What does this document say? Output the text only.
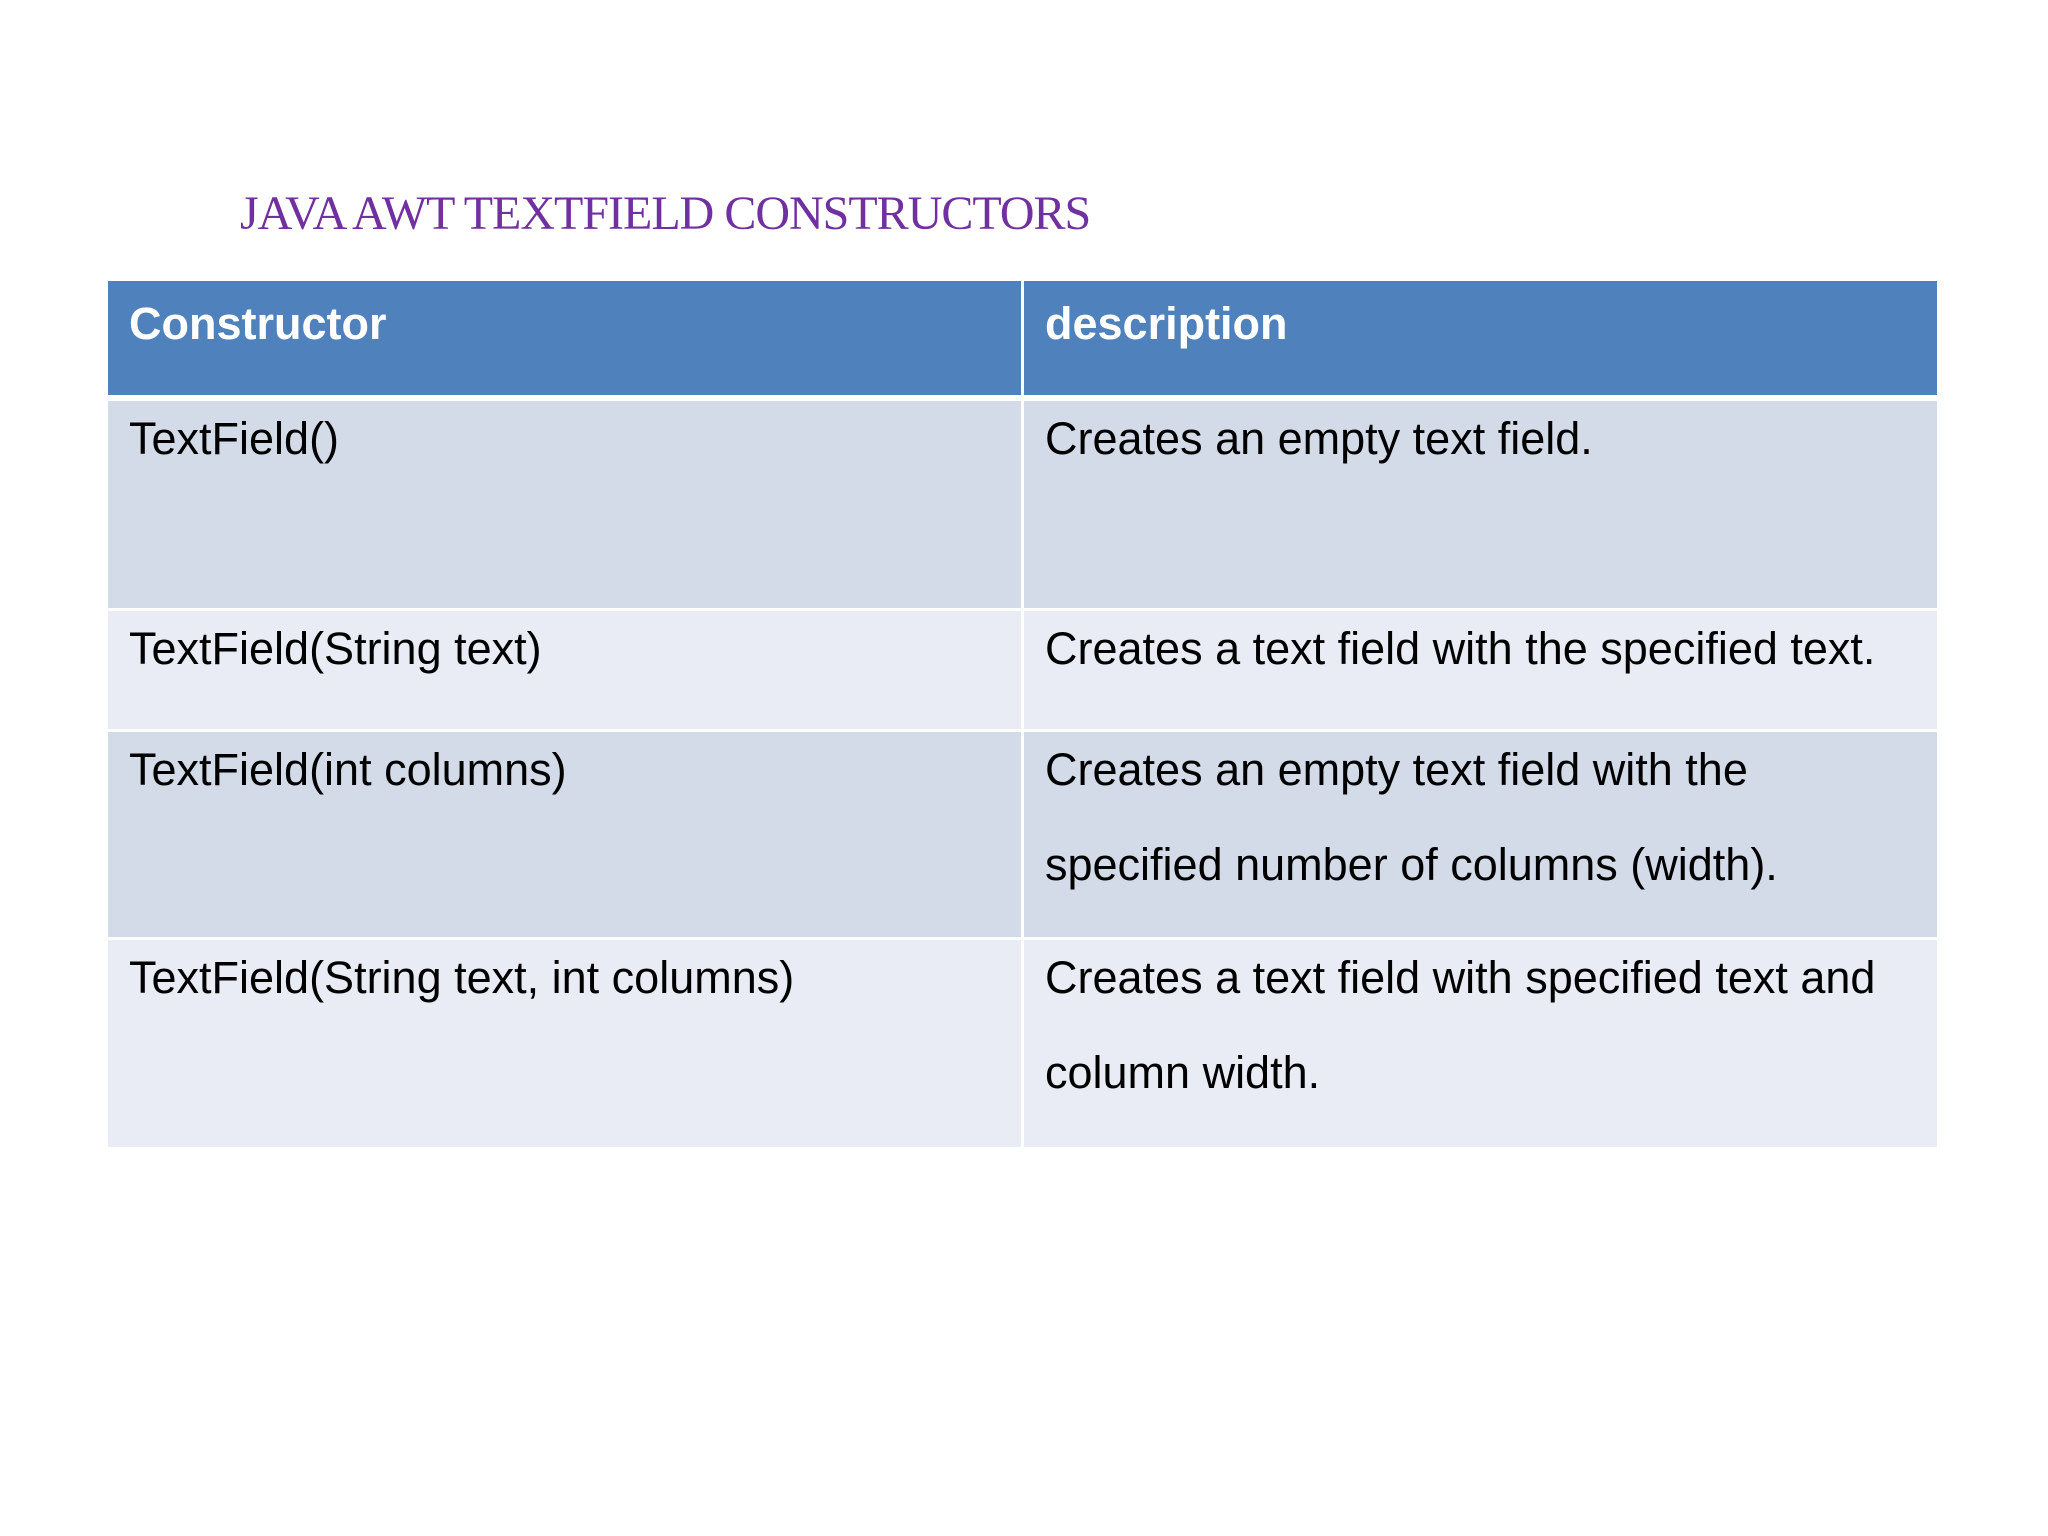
JAVA AWT TEXTFIELD CONSTRUCTORS
Constructor	description

TextField()	Creates an empty text field.

TextField(String text)	Creates a text field with the specified text.

TextField(int columns)	Creates an empty text field with the
specified number of columns (width).

TextField(String text, int columns)	Creates a text field with specified text and
column width.
